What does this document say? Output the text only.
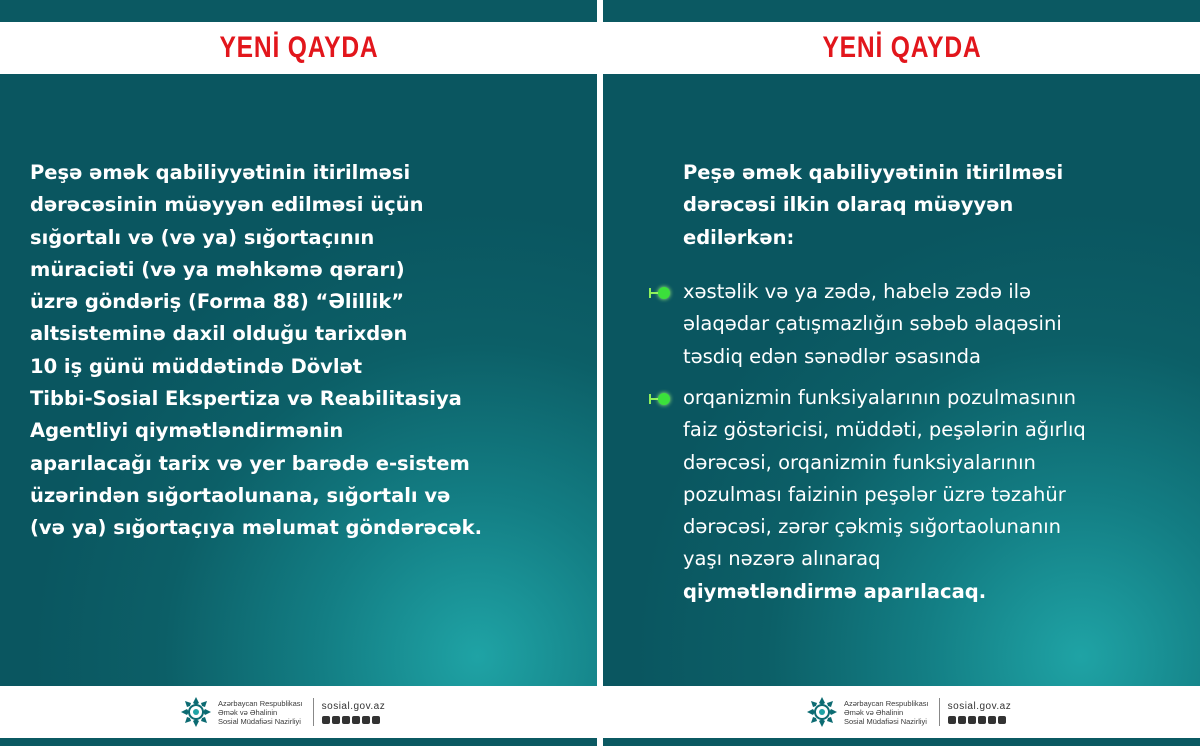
YENİ QAYDA
Peşə əmək qabiliyyətinin itirilməsi
dərəcəsinin müəyyən edilməsi üçün
sığortalı və (və ya) sığortaçının
müraciəti (və ya məhkəmə qərarı)
üzrə göndəriş (Forma 88) “Əlillik”
altsisteminə daxil olduğu tarixdən
10 iş günü müddətində Dövlət
Tibbi-Sosial Ekspertiza və Reabilitasiya
Agentliyi qiymətləndirmənin
aparılacağı tarix və yer barədə e-sistem
üzərindən sığortaolunana, sığortalı və
(və ya) sığortaçıya məlumat göndərəcək.
Azərbaycan Respublikası
Əmək və Əhalinin
Sosial Müdafiəsi Nazirliyi
sosial.gov.az
YENİ QAYDA
Peşə əmək qabiliyyətinin itirilməsi
dərəcəsi ilkin olaraq müəyyən
edilərkən:
xəstəlik və ya zədə, habelə zədə ilə
əlaqədar çatışmazlığın səbəb əlaqəsini
təsdiq edən sənədlər əsasında
orqanizmin funksiyalarının pozulmasının
faiz göstəricisi, müddəti, peşələrin ağırlıq
dərəcəsi, orqanizmin funksiyalarının
pozulması faizinin peşələr üzrə təzahür
dərəcəsi, zərər çəkmiş sığortaolunanın
yaşı nəzərə alınaraq
qiymətləndirmə aparılacaq.
Azərbaycan Respublikası
Əmək və Əhalinin
Sosial Müdafiəsi Nazirliyi
sosial.gov.az
